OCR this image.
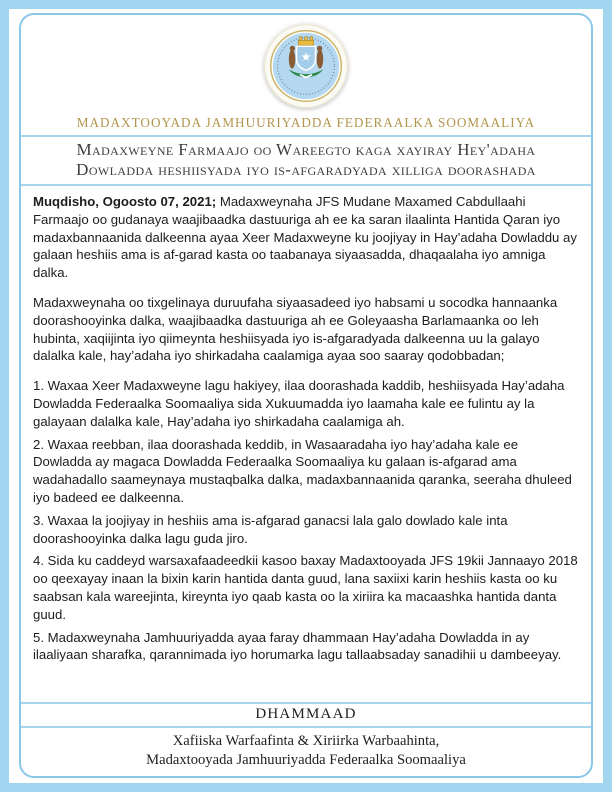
MADAXTOOYADA JAMHUURIYADDA FEDERAALKA SOOMAALIYA
Madaxweyne Farmaajo oo Wareegto kaga xayiray Hey'adaha
Dowladda heshiisyada iyo is-afgaradyada xilliga doorashada

Muqdisho, Ogoosto 07, 2021; Madaxweynaha JFS Mudane Maxamed Cabdullaahi Farmaajo oo gudanaya waajibaadka dastuuriga ah ee ka saran ilaalinta Hantida Qaran iyo madaxbannaanida dalkeenna ayaa Xeer Madaxweyne ku joojiyay in Hay’adaha Dowladdu ay galaan heshiis ama is af-garad kasta oo taabanaya siyaasadda, dhaqaalaha iyo amniga dalka.

Madaxweynaha oo tixgelinaya duruufaha siyaasadeed iyo habsami u socodka hannaanka doorashooyinka dalka, waajibaadka dastuuriga ah ee Goleyaasha Barlamaanka oo leh hubinta, xaqiijinta iyo qiimeynta heshiisyada iyo is-afgaradyada dalkeenna uu la galayo dalalka kale, hay’adaha iyo shirkadaha caalamiga ayaa soo saaray qodobbadan;

1. Waxaa Xeer Madaxweyne lagu hakiyey, ilaa doorashada kaddib, heshiisyada Hay’adaha Dowladda Federaalka Soomaaliya sida Xukuumadda iyo laamaha kale ee fulintu ay la galayaan dalalka kale, Hay’adaha iyo shirkadaha caalamiga ah.

2. Waxaa reebban, ilaa doorashada keddib, in Wasaaradaha iyo hay’adaha kale ee Dowladda ay magaca Dowladda Federaalka Soomaaliya ku galaan is-afgarad ama wadahadallo saameynaya mustaqbalka dalka, madaxbannaanida qaranka, seeraha dhuleed iyo badeed ee dalkeenna.

3. Waxaa la joojiyay in heshiis ama is-afgarad ganacsi lala galo dowlado kale inta doorashooyinka dalka lagu guda jiro.

4. Sida ku caddeyd warsaxafaadeedkii kasoo baxay Madaxtooyada JFS 19kii Jannaayo 2018 oo qeexayay inaan la bixin karin hantida danta guud, lana saxiixi karin heshiis kasta oo ku saabsan kala wareejinta, kireynta iyo qaab kasta oo la xiriira ka macaashka hantida danta guud.

5. Madaxweynaha Jamhuuriyadda ayaa faray dhammaan Hay’adaha Dowladda in ay ilaaliyaan sharafka, qarannimada iyo horumarka lagu tallaabsaday sanadihii u dambeeyay.

DHAMMAAD
Xafiiska Warfaafinta & Xiriirka Warbaahinta,
Madaxtooyada Jamhuuriyadda Federaalka Soomaaliya
